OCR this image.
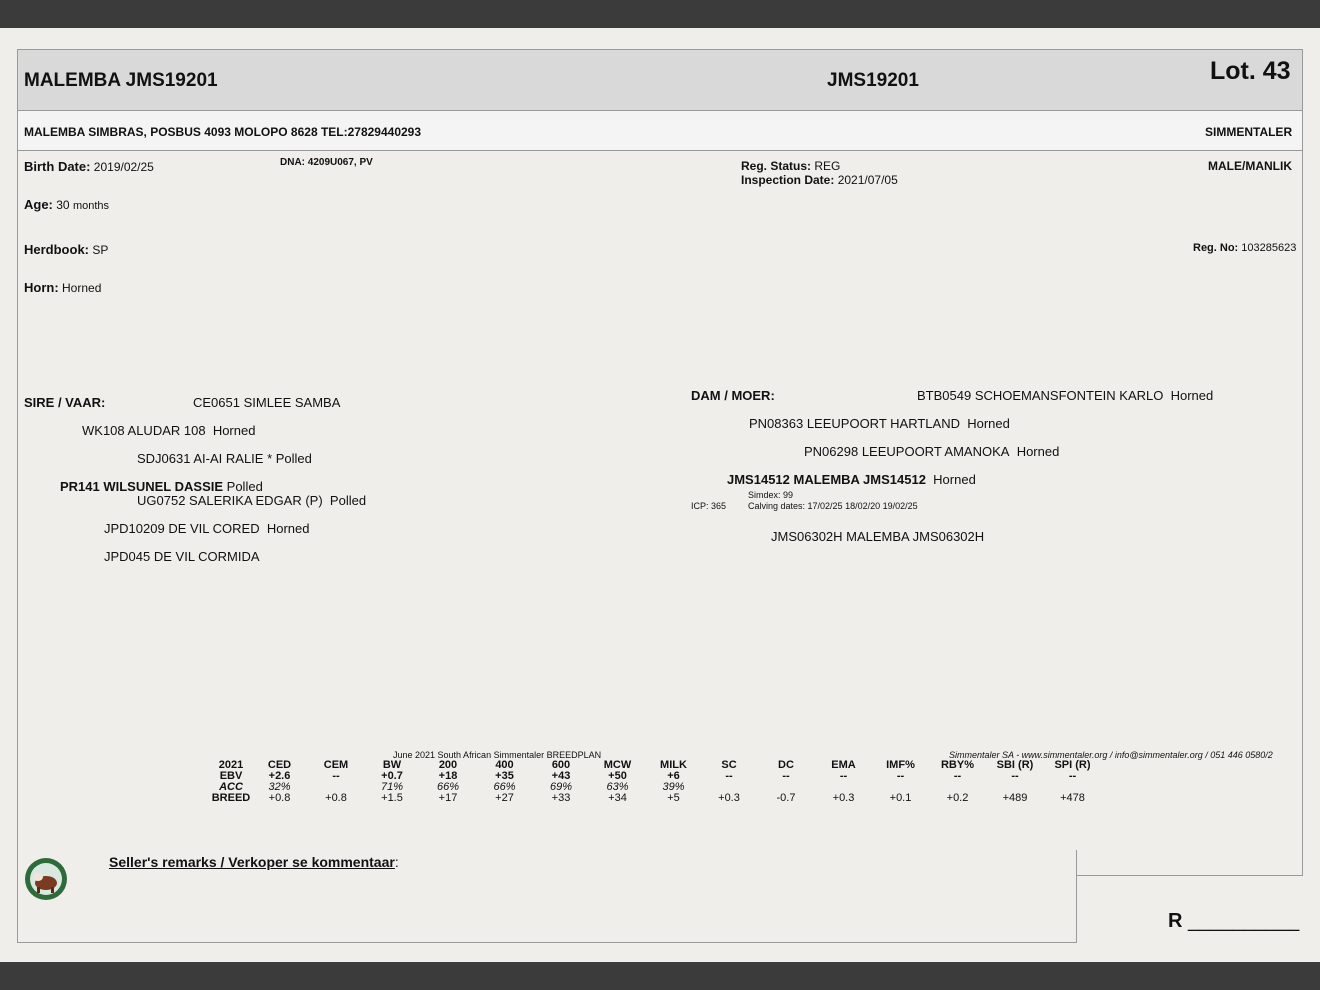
MALEMBA JMS19201	JMS19201	Lot. 43
MALEMBA SIMBRAS, POSBUS 4093 MOLOPO 8628 TEL:27829440293	SIMMENTALER
Birth Date: 2019/02/25	DNA: 4209U067, PV	Reg. Status: REG
Inspection Date: 2021/07/05
MALE/MANLIK
Age: 30 months
Herdbook: SP	Reg. No: 103285623
Horn: Horned
SIRE / VAAR:	CE0651 SIMLEE SAMBA
WK108 ALUDAR 108 Horned
SDJ0631 AI-AI RALIE * Polled
PR141 WILSUNEL DASSIE Polled
UG0752 SALERIKA EDGAR (P) Polled
JPD10209 DE VIL CORED Horned
JPD045 DE VIL CORMIDA
DAM / MOER:	BTB0549 SCHOEMANSFONTEIN KARLO Horned
PN08363 LEEUPOORT HARTLAND Horned
PN06298 LEEUPOORT AMANOKA Horned
JMS14512 MALEMBA JMS14512 Horned
Simdex: 99
ICP: 365 Calving dates: 17/02/25 18/02/20 19/02/25
JMS06302H MALEMBA JMS06302H
June 2021 South African Simmentaler BREEDPLAN	Simmentaler SA - www.simmentaler.org / info@simmentaler.org / 051 446 0580/2
2021	CED	CEM	BW	200	400	600	MCW	MILK	SC	DC	EMA	IMF%	RBY%	SBI (R)	SPI (R)
EBV	+2.6	--	+0.7	+18	+35	+43	+50	+6	--	--	--	--	--	--	--
ACC	32%		71%	66%	66%	69%	63%	39%							
BREED	+0.8	+0.8	+1.5	+17	+27	+33	+34	+5	+0.3	-0.7	+0.3	+0.1	+0.2	+489	+478
Seller's remarks / Verkoper se kommentaar:
R __________
